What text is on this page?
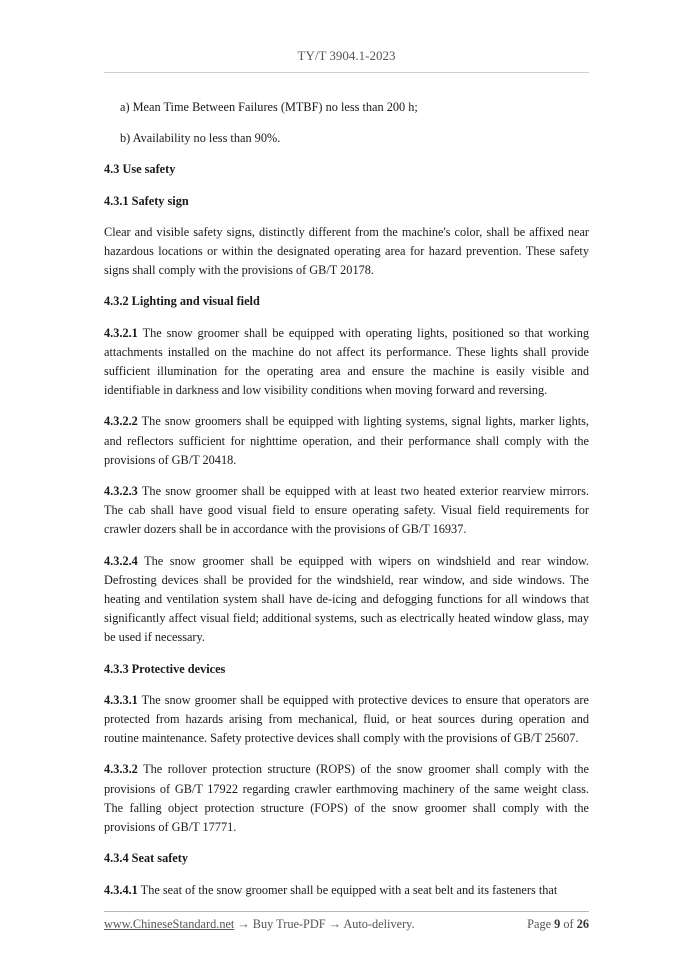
TY/T 3904.1-2023
a) Mean Time Between Failures (MTBF) no less than 200 h;
b) Availability no less than 90%.
4.3 Use safety
4.3.1 Safety sign

Clear and visible safety signs, distinctly different from the machine's color, shall be affixed near hazardous locations or within the designated operating area for hazard prevention. These safety signs shall comply with the provisions of GB/T 20178.

4.3.2 Lighting and visual field

4.3.2.1 The snow groomer shall be equipped with operating lights, positioned so that working attachments installed on the machine do not affect its performance. These lights shall provide sufficient illumination for the operating area and ensure the machine is easily visible and identifiable in darkness and low visibility conditions when moving forward and reversing.

4.3.2.2 The snow groomers shall be equipped with lighting systems, signal lights, marker lights, and reflectors sufficient for nighttime operation, and their performance shall comply with the provisions of GB/T 20418.

4.3.2.3 The snow groomer shall be equipped with at least two heated exterior rearview mirrors. The cab shall have good visual field to ensure operating safety. Visual field requirements for crawler dozers shall be in accordance with the provisions of GB/T 16937.

4.3.2.4 The snow groomer shall be equipped with wipers on windshield and rear window. Defrosting devices shall be provided for the windshield, rear window, and side windows. The heating and ventilation system shall have de-icing and defogging functions for all windows that significantly affect visual field; additional systems, such as electrically heated window glass, may be used if necessary.

4.3.3 Protective devices

4.3.3.1 The snow groomer shall be equipped with protective devices to ensure that operators are protected from hazards arising from mechanical, fluid, or heat sources during operation and routine maintenance. Safety protective devices shall comply with the provisions of GB/T 25607.

4.3.3.2 The rollover protection structure (ROPS) of the snow groomer shall comply with the provisions of GB/T 17922 regarding crawler earthmoving machinery of the same weight class. The falling object protection structure (FOPS) of the snow groomer shall comply with the provisions of GB/T 17771.

4.3.4 Seat safety

4.3.4.1 The seat of the snow groomer shall be equipped with a seat belt and its fasteners that

www.ChineseStandard.net → Buy True-PDF → Auto-delivery.	Page 9 of 26
